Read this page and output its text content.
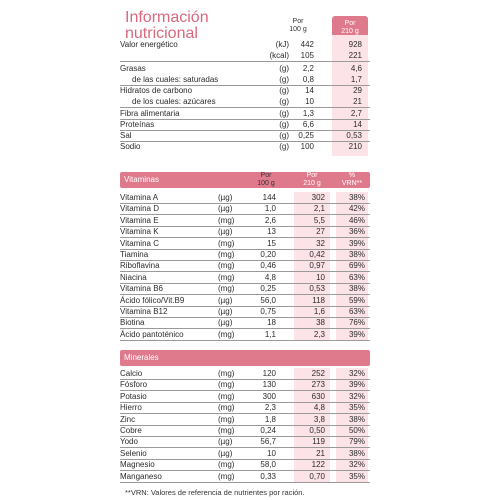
Información
nutricional
Por
100 g
Por
210 g
Valor energético	(kJ)	442	928
(kcal)	105	221
Grasas	(g)	2,2	4,6
de las cuales: saturadas	(g)	0,8	1,7
Hidratos de carbono	(g)	14	29
de los cuales: azúcares	(g)	10	21
Fibra alimentaria	(g)	1,3	2,7
Proteínas	(g)	6,6	14
Sal	(g)	0,25	0,53
Sodio	(g)	100	210
Vitaminas	Por
100 g
Por
210 g
%
VRN**
Vitamina A	(µg)	144	302	38%
Vitamina D	(µg)	1,0	2,1	42%
Vitamina E	(mg)	2,6	5,5	46%
Vitamina K	(µg)	13	27	36%
Vitamina C	(mg)	15	32	39%
Tiamina	(mg)	0,20	0,42	38%
Riboflavina	(mg)	0,46	0,97	69%
Niacina	(mg)	4,8	10	63%
Vitamina B6	(mg)	0,25	0,53	38%
Ácido fólico/Vit.B9	(µg)	56,0	118	59%
Vitamina B12	(µg)	0,75	1,6	63%
Biotina	(µg)	18	38	76%
Ácido pantoténico	(mg)	1,1	2,3	39%
Minerales
Calcio	(mg)	120	252	32%
Fósforo	(mg)	130	273	39%
Potasio	(mg)	300	630	32%
Hierro	(mg)	2,3	4,8	35%
Zinc	(mg)	1,8	3,8	38%
Cobre	(mg)	0,24	0,50	50%
Yodo	(µg)	56,7	119	79%
Selenio	(µg)	10	21	38%
Magnesio	(mg)	58,0	122	32%
Manganeso	(mg)	0,33	0,70	35%
**VRN: Valores de referencia de nutrientes por ración.
